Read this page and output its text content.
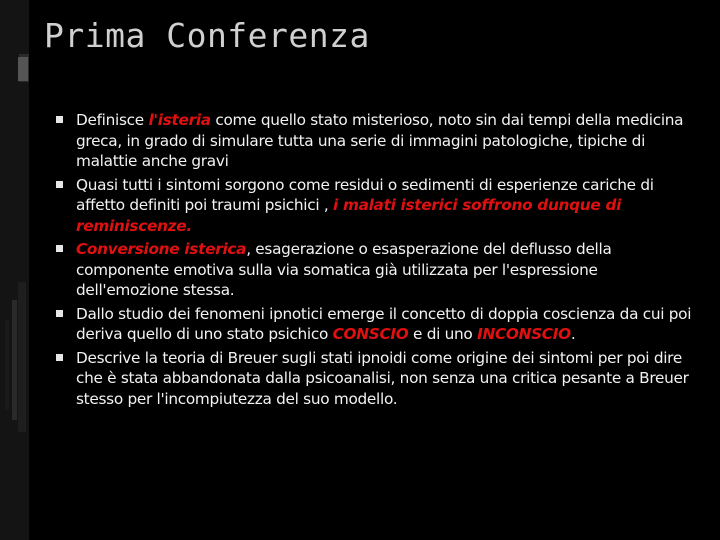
Prima Conferenza
Definisce l'isteria come quello stato misterioso, noto sin dai tempi della medicina greca, in grado di simulare tutta una serie di immagini patologiche, tipiche di malattie anche gravi
Quasi tutti i sintomi sorgono come residui o sedimenti di esperienze cariche di affetto definiti poi traumi psichici , i malati isterici soffrono dunque di reminiscenze.
Conversione isterica, esagerazione o esasperazione del deflusso della componente emotiva sulla via somatica già utilizzata per l'espressione dell'emozione stessa.
Dallo studio dei fenomeni ipnotici emerge il concetto di doppia coscienza da cui poi deriva quello di uno stato psichico CONSCIO e di uno INCONSCIO.
Descrive la teoria di Breuer sugli stati ipnoidi come origine dei sintomi per poi dire che è stata abbandonata dalla psicoanalisi, non senza una critica pesante a Breuer stesso per l'incompiutezza del suo modello.
